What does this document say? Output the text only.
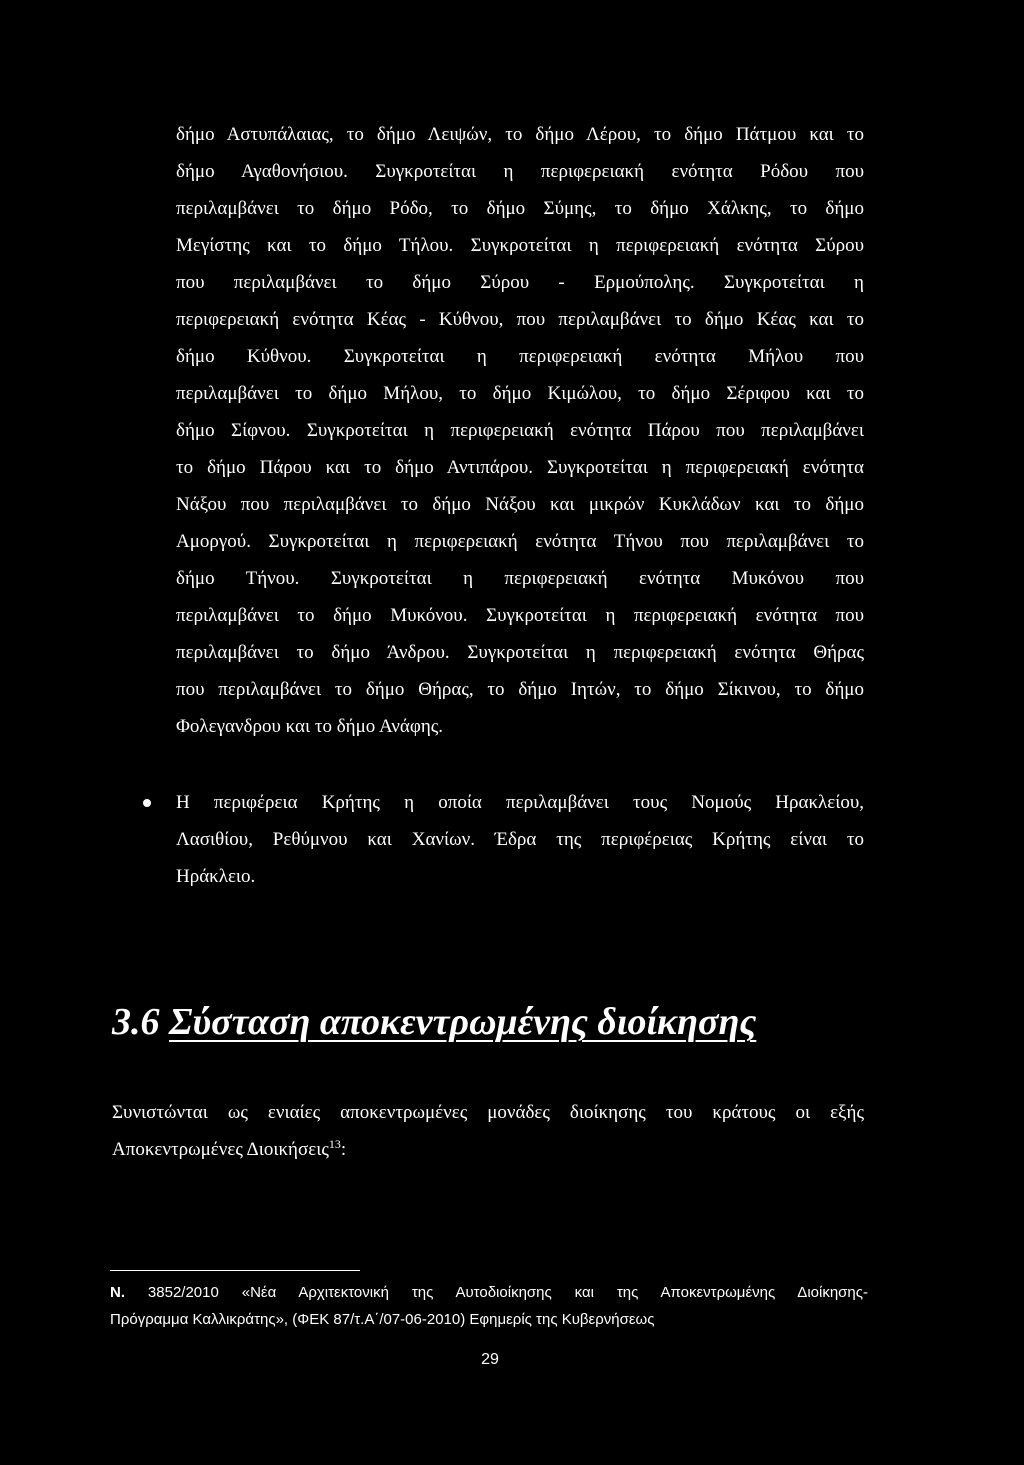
δήμο Αστυπάλαιας, το δήμο Λειψών, το δήμο Λέρου, το δήμο Πάτμου και το
δήμο Αγαθονήσιου. Συγκροτείται η περιφερειακή ενότητα Ρόδου που
περιλαμβάνει το δήμο Ρόδο, το δήμο Σύμης, το δήμο Χάλκης, το δήμο
Μεγίστης και το δήμο Τήλου. Συγκροτείται η περιφερειακή ενότητα Σύρου
που περιλαμβάνει το δήμο Σύρου - Ερμούπολης. Συγκροτείται η
περιφερειακή ενότητα Κέας - Κύθνου, που περιλαμβάνει το δήμο Κέας και το
δήμο Κύθνου. Συγκροτείται η περιφερειακή ενότητα Μήλου που
περιλαμβάνει το δήμο Μήλου, το δήμο Κιμώλου, το δήμο Σέριφου και το
δήμο Σίφνου. Συγκροτείται η περιφερειακή ενότητα Πάρου που περιλαμβάνει
το δήμο Πάρου και το δήμο Αντιπάρου. Συγκροτείται η περιφερειακή ενότητα
Νάξου που περιλαμβάνει το δήμο Νάξου και μικρών Κυκλάδων και το δήμο
Αμοργού. Συγκροτείται η περιφερειακή ενότητα Τήνου που περιλαμβάνει το
δήμο Τήνου. Συγκροτείται η περιφερειακή ενότητα Μυκόνου που
περιλαμβάνει το δήμο Μυκόνου. Συγκροτείται η περιφερειακή ενότητα που
περιλαμβάνει το δήμο Άνδρου. Συγκροτείται η περιφερειακή ενότητα Θήρας
που περιλαμβάνει το δήμο Θήρας, το δήμο Ιητών, το δήμο Σίκινου, το δήμο
Φολεγανδρου και το δήμο Ανάφης.
Η περιφέρεια Κρήτης η οποία περιλαμβάνει τους Νομούς Ηρακλείου,
Λασιθίου, Ρεθύμνου και Χανίων. Έδρα της περιφέρειας Κρήτης είναι το
Ηράκλειο.
3.6 Σύσταση αποκεντρωμένης διοίκησης
Συνιστώνται ως ενιαίες αποκεντρωμένες μονάδες διοίκησης του κράτους οι εξής
Αποκεντρωμένες Διοικήσεις$^{13}$:
N. 3852/2010 «Νέα Αρχιτεκτονική της Αυτοδιοίκησης και της Αποκεντρωμένης Διοίκησης-
Πρόγραμμα Καλλικράτης», (ΦΕΚ 87/τ.Α΄/07-06-2010) Εφημερίς της Κυβερνήσεως
29
